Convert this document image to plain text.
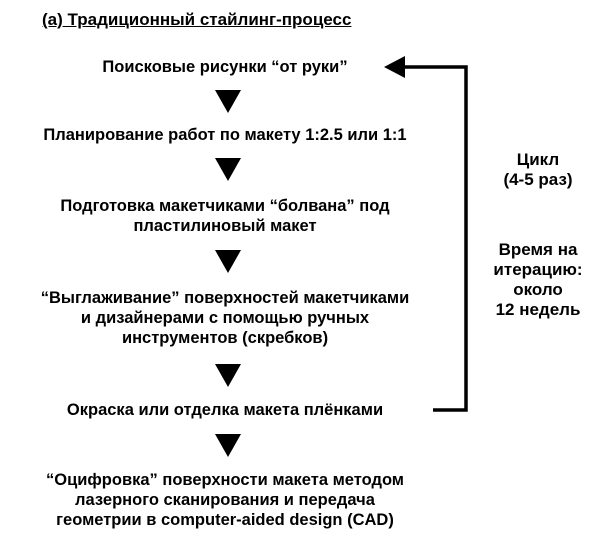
(a) Традиционный стайлинг-процесс
Поисковые рисунки “от руки”
Планирование работ по макету 1:2.5 или 1:1
Подготовка макетчиками “болвана” под
пластилиновый макет
“Выглаживание” поверхностей макетчиками
и дизайнерами с помощью ручных
инструментов (скребков)
Окраска или отделка макета плёнками
“Оцифровка” поверхности макета методом
лазерного сканирования и передача
геометрии в computer-aided design (CAD)
Цикл
(4-5 раз)
Время на
итерацию:
около
12 недель
